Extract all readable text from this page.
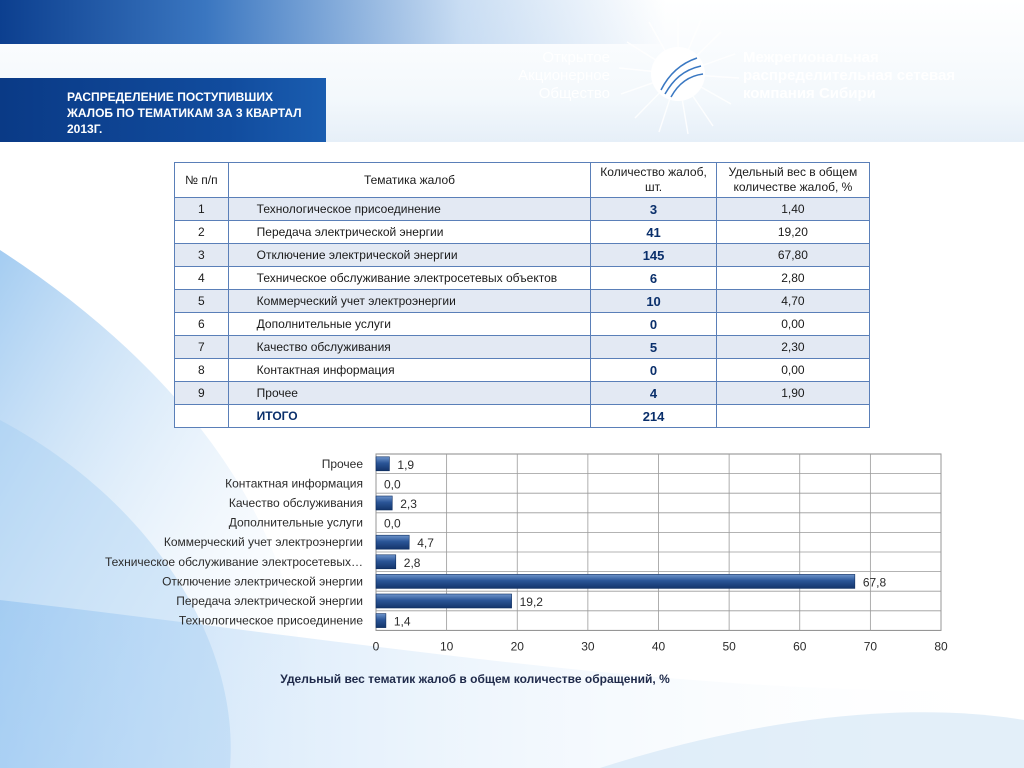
РАСПРЕДЕЛЕНИЕ ПОСТУПИВШИХ ЖАЛОБ ПО ТЕМАТИКАМ ЗА 3 КВАРТАЛ 2013Г.
Открытое
Акционерное
Общество
Межрегиональная
распределительная сетевая
компания Сибири
№ п/п	Тематика жалоб	Количество жалоб, шт.	Удельный вес в общем количестве жалоб, %
1	Технологическое присоединение	3	1,40
2	Передача электрической энергии	41	19,20
3	Отключение электрической энергии	145	67,80
4	Техническое обслуживание электросетевых объектов	6	2,80
5	Коммерческий учет электроэнергии	10	4,70
6	Дополнительные услуги	0	0,00
7	Качество обслуживания	5	2,30
8	Контактная информация	0	0,00
9	Прочее	4	1,90
	ИТОГО	214	
Прочее	1,9
Контактная информация 0,0
Качество обслуживания	2,3
Дополнительные услуги 0,0
Коммерческий учет электроэнергии	4,7
Техническое обслуживание электросетевых…	2,8
Отключение электрической энергии	67,8
Передача электрической энергии	19,2
Технологическое присоединение	1,4
0	10	20	30	40	50	60	70	80
Удельный вес тематик жалоб в общем количестве обращений, %
